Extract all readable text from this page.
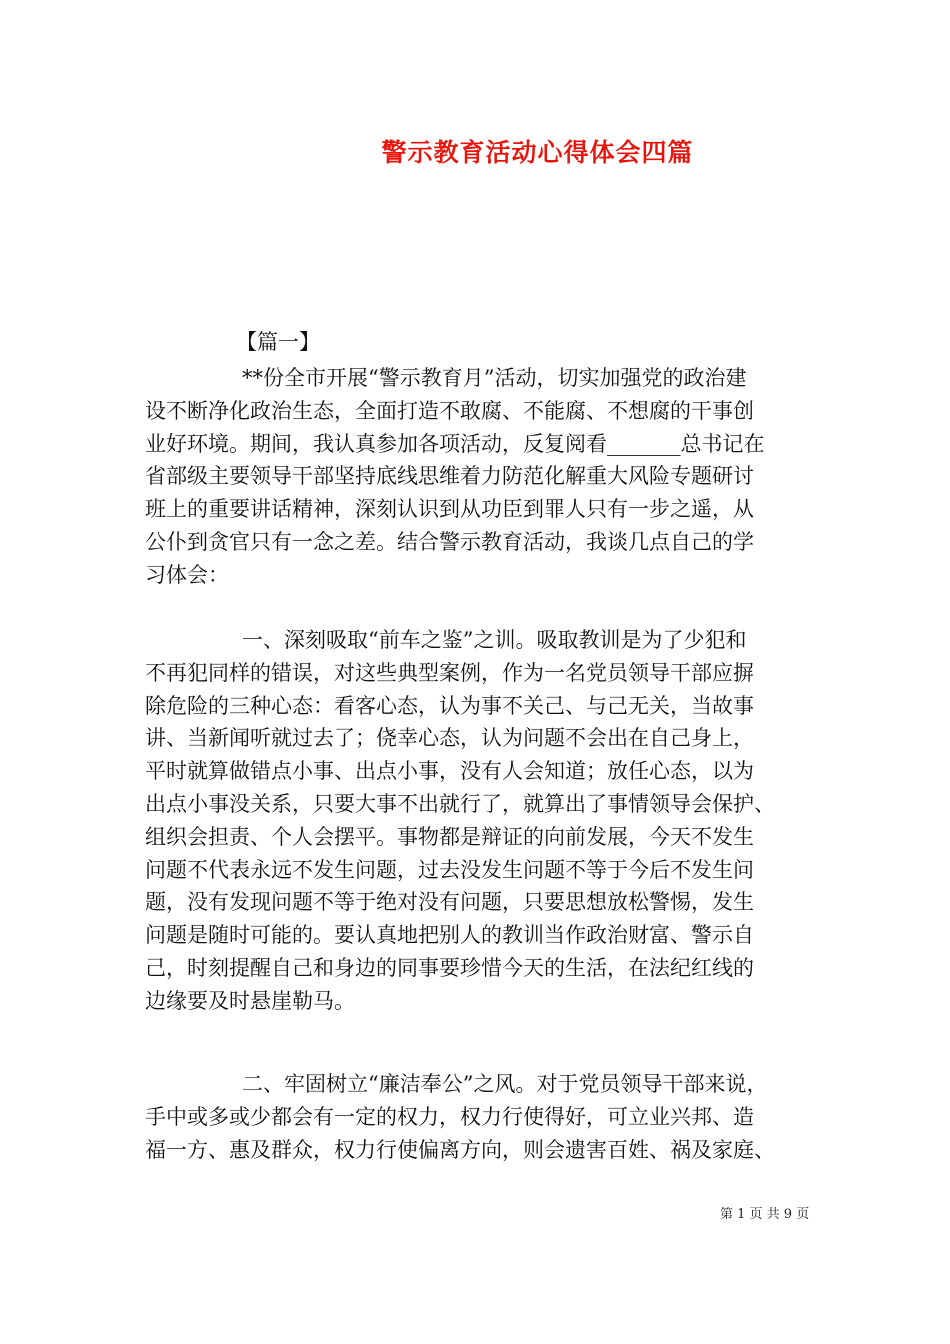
警示教育活动心得体会四篇
【篇一】
**份全市开展“警示教育月”活动，切实加强党的政治建
设不断净化政治生态，全面打造不敢腐、不能腐、不想腐的干事创
业好环境。期间，我认真参加各项活动，反复阅看_______总书记在
省部级主要领导干部坚持底线思维着力防范化解重大风险专题研讨
班上的重要讲话精神，深刻认识到从功臣到罪人只有一步之遥，从
公仆到贪官只有一念之差。结合警示教育活动，我谈几点自己的学
习体会：
一、深刻吸取“前车之鉴”之训。吸取教训是为了少犯和
不再犯同样的错误，对这些典型案例，作为一名党员领导干部应摒
除危险的三种心态：看客心态，认为事不关己、与己无关，当故事
讲、当新闻听就过去了；侥幸心态，认为问题不会出在自己身上，
平时就算做错点小事、出点小事，没有人会知道；放任心态，以为
出点小事没关系，只要大事不出就行了，就算出了事情领导会保护、
组织会担责、个人会摆平。事物都是辩证的向前发展，今天不发生
问题不代表永远不发生问题，过去没发生问题不等于今后不发生问
题，没有发现问题不等于绝对没有问题，只要思想放松警惕，发生
问题是随时可能的。要认真地把别人的教训当作政治财富、警示自
己，时刻提醒自己和身边的同事要珍惜今天的生活，在法纪红线的
边缘要及时悬崖勒马。
二、牢固树立“廉洁奉公”之风。对于党员领导干部来说，
手中或多或少都会有一定的权力，权力行使得好，可立业兴邦、造
福一方、惠及群众，权力行使偏离方向，则会遗害百姓、祸及家庭、
第 1 页 共 9 页
